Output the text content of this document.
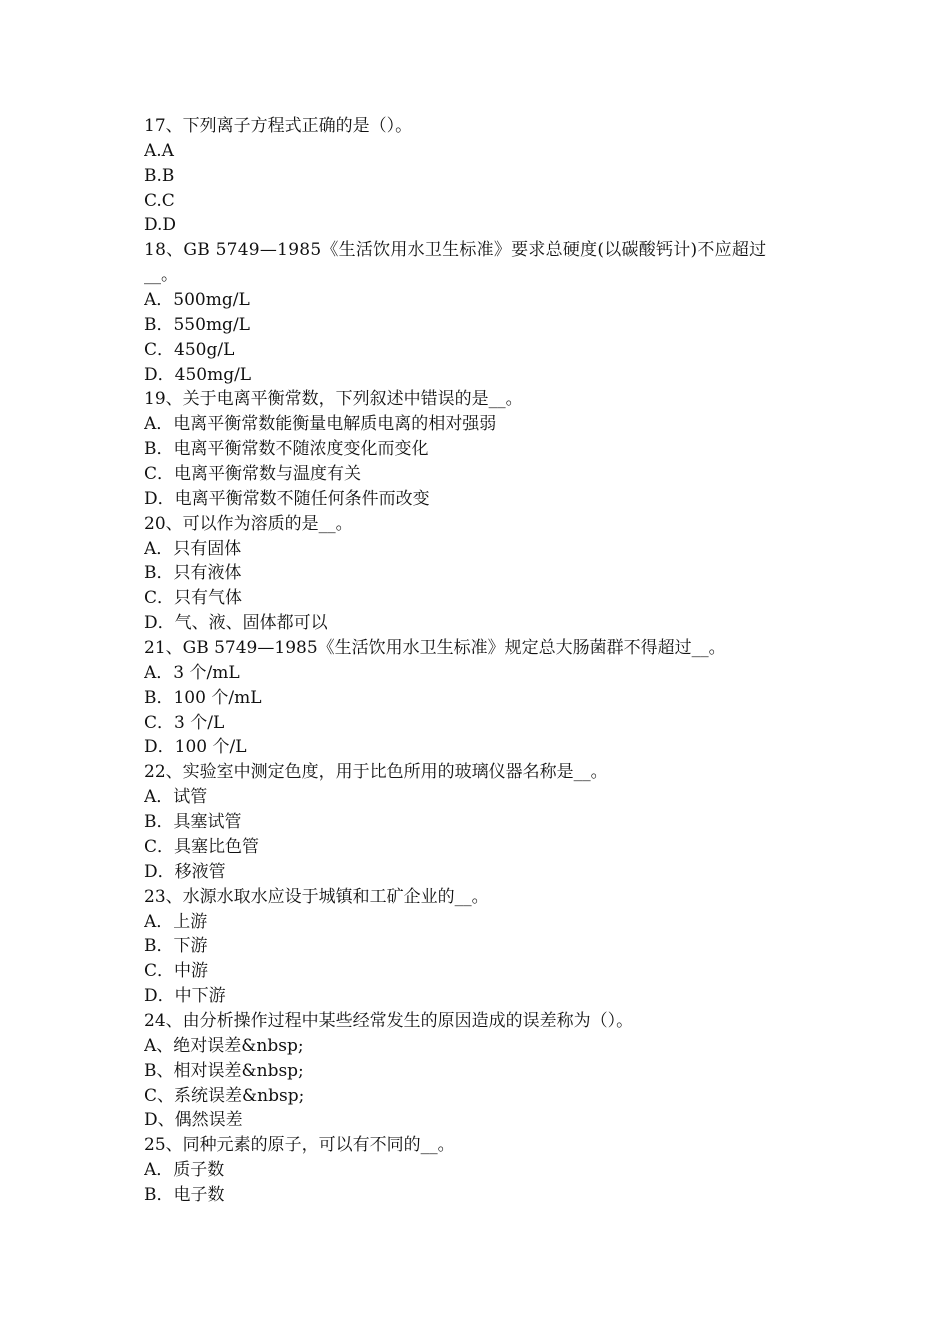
17、下列离子方程式正确的是（）。
A.A
B.B
C.C
D.D
18、GB 5749—1985《生活饮用水卫生标准》要求总硬度(以碳酸钙计)不应超过
__。
A．500mg/L
B．550mg/L
C．450g/L
D．450mg/L
19、关于电离平衡常数，下列叙述中错误的是__。
A．电离平衡常数能衡量电解质电离的相对强弱
B．电离平衡常数不随浓度变化而变化
C．电离平衡常数与温度有关
D．电离平衡常数不随任何条件而改变
20、可以作为溶质的是__。
A．只有固体
B．只有液体
C．只有气体
D．气、液、固体都可以
21、GB 5749—1985《生活饮用水卫生标准》规定总大肠菌群不得超过__。
A．3 个/mL
B．100 个/mL
C．3 个/L
D．100 个/L
22、实验室中测定色度，用于比色所用的玻璃仪器名称是__。
A．试管
B．具塞试管
C．具塞比色管
D．移液管
23、水源水取水应设于城镇和工矿企业的__。
A．上游
B．下游
C．中游
D．中下游
24、由分析操作过程中某些经常发生的原因造成的误差称为（）。
A、绝对误差&nbsp;
B、相对误差&nbsp;
C、系统误差&nbsp;
D、偶然误差
25、同种元素的原子，可以有不同的__。
A．质子数
B．电子数
